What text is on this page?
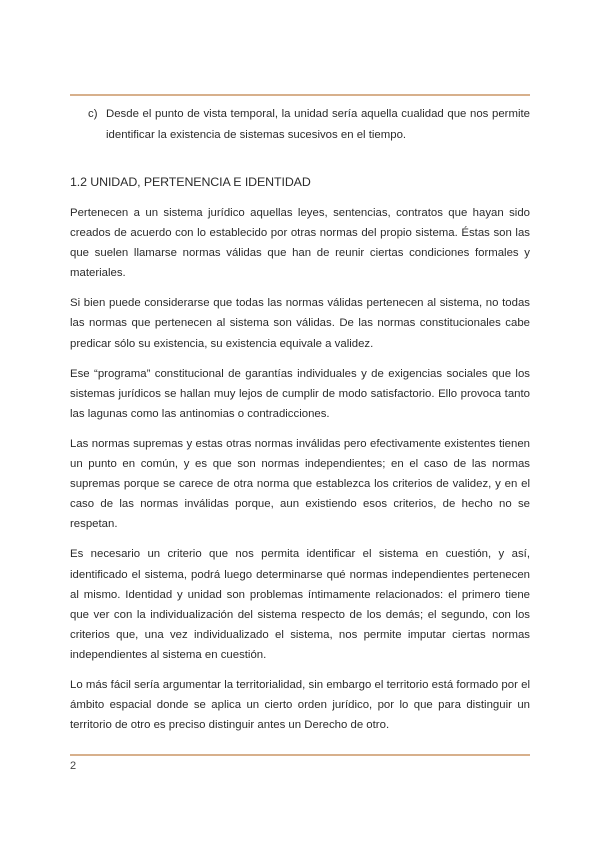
c) Desde el punto de vista temporal, la unidad sería aquella cualidad que nos permite identificar la existencia de sistemas sucesivos en el tiempo.
1.2 UNIDAD, PERTENENCIA E IDENTIDAD

Pertenecen a un sistema jurídico aquellas leyes, sentencias, contratos que hayan sido creados de acuerdo con lo establecido por otras normas del propio sistema. Éstas son las que suelen llamarse normas válidas que han de reunir ciertas condiciones formales y materiales.

Si bien puede considerarse que todas las normas válidas pertenecen al sistema, no todas las normas que pertenecen al sistema son válidas. De las normas constitucionales cabe predicar sólo su existencia, su existencia equivale a validez.

Ese “programa” constitucional de garantías individuales y de exigencias sociales que los sistemas jurídicos se hallan muy lejos de cumplir de modo satisfactorio. Ello provoca tanto las lagunas como las antinomias o contradicciones.

Las normas supremas y estas otras normas inválidas pero efectivamente existentes tienen un punto en común, y es que son normas independientes; en el caso de las normas supremas porque se carece de otra norma que establezca los criterios de validez, y en el caso de las normas inválidas porque, aun existiendo esos criterios, de hecho no se respetan.

Es necesario un criterio que nos permita identificar el sistema en cuestión, y así, identificado el sistema, podrá luego determinarse qué normas independientes pertenecen al mismo. Identidad y unidad son problemas íntimamente relacionados: el primero tiene que ver con la individualización del sistema respecto de los demás; el segundo, con los criterios que, una vez individualizado el sistema, nos permite imputar ciertas normas independientes al sistema en cuestión.

Lo más fácil sería argumentar la territorialidad, sin embargo el territorio está formado por el ámbito espacial donde se aplica un cierto orden jurídico, por lo que para distinguir un territorio de otro es preciso distinguir antes un Derecho de otro.

2
